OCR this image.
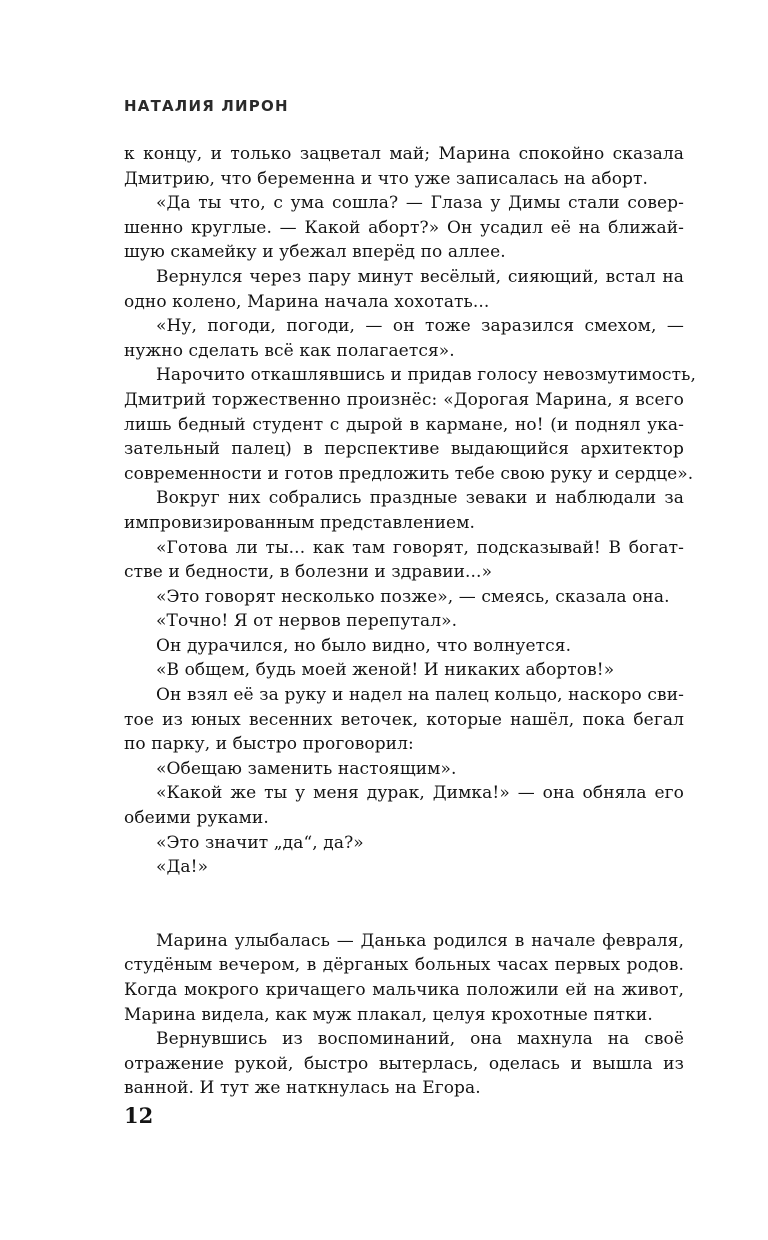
НАТАЛИЯ ЛИРОН
к концу, и только зацветал май; Марина спокойно сказала
Дмитрию, что беременна и что уже записалась на аборт.
«Да ты что, с ума сошла? — Глаза у Димы стали совер-
шенно круглые. — Какой аборт?» Он усадил её на ближай-
шую скамейку и убежал вперёд по аллее.
Вернулся через пару минут весёлый, сияющий, встал на
одно колено, Марина начала хохотать...
«Ну, погоди, погоди, — он тоже заразился смехом, —
нужно сделать всё как полагается».
Нарочито откашлявшись и придав голосу невозмутимость,
Дмитрий торжественно произнёс: «Дорогая Марина, я всего
лишь бедный студент с дырой в кармане, но! (и поднял ука-
зательный палец) в перспективе выдающийся архитектор
современности и готов предложить тебе свою руку и сердце».
Вокруг них собрались праздные зеваки и наблюдали за
импровизированным представлением.
«Готова ли ты... как там говорят, подсказывай! В богат-
стве и бедности, в болезни и здравии...»
«Это говорят несколько позже», — смеясь, сказала она.
«Точно! Я от нервов перепутал».
Он дурачился, но было видно, что волнуется.
«В общем, будь моей женой! И никаких абортов!»
Он взял её за руку и надел на палец кольцо, наскоро сви-
тое из юных весенних веточек, которые нашёл, пока бегал
по парку, и быстро проговорил:
«Обещаю заменить настоящим».
«Какой же ты у меня дурак, Димка!» — она обняла его
обеими руками.
«Это значит „да“, да?»
«Да!»
Марина улыбалась — Данька родился в начале февраля,
студёным вечером, в дёрганых больных часах первых родов.
Когда мокрого кричащего мальчика положили ей на живот,
Марина видела, как муж плакал, целуя крохотные пятки.
Вернувшись из воспоминаний, она махнула на своё
отражение рукой, быстро вытерлась, оделась и вышла из
ванной. И тут же наткнулась на Егора.
12
